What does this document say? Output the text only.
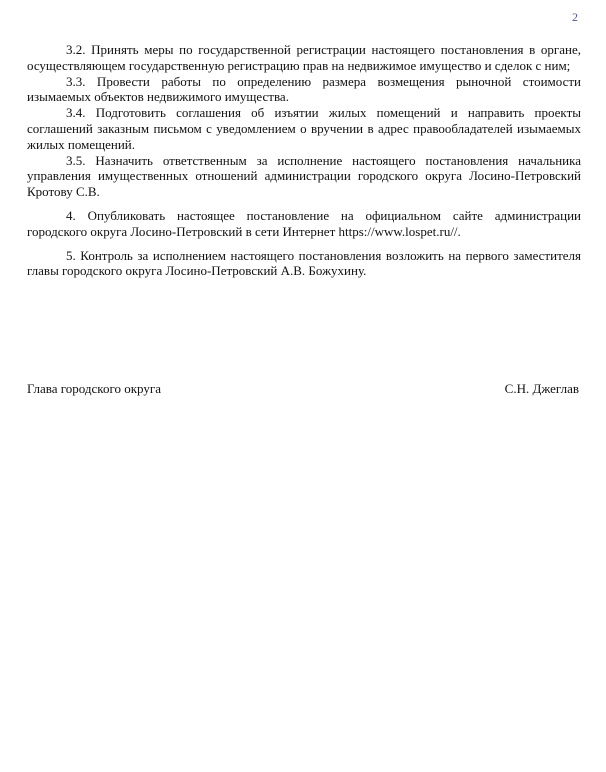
2

3.2. Принять меры по государственной регистрации настоящего постановления в органе, осуществляющем государственную регистрацию прав на недвижимое имущество и сделок с ним;

3.3. Провести работы по определению размера возмещения рыночной стоимости изымаемых объектов недвижимого имущества.

3.4. Подготовить соглашения об изъятии жилых помещений и направить проекты соглашений заказным письмом с уведомлением о вручении в адрес правообладателей изымаемых жилых помещений.

3.5. Назначить ответственным за исполнение настоящего постановления начальника управления имущественных отношений администрации городского округа Лосино-Петровский Кротову С.В.

4. Опубликовать настоящее постановление на официальном сайте администрации городского округа Лосино-Петровский в сети Интернет https://www.lospet.ru//.

5. Контроль за исполнением настоящего постановления возложить на первого заместителя главы городского округа Лосино-Петровский А.В. Божухину.

Глава городского округа	С.Н. Джеглав
